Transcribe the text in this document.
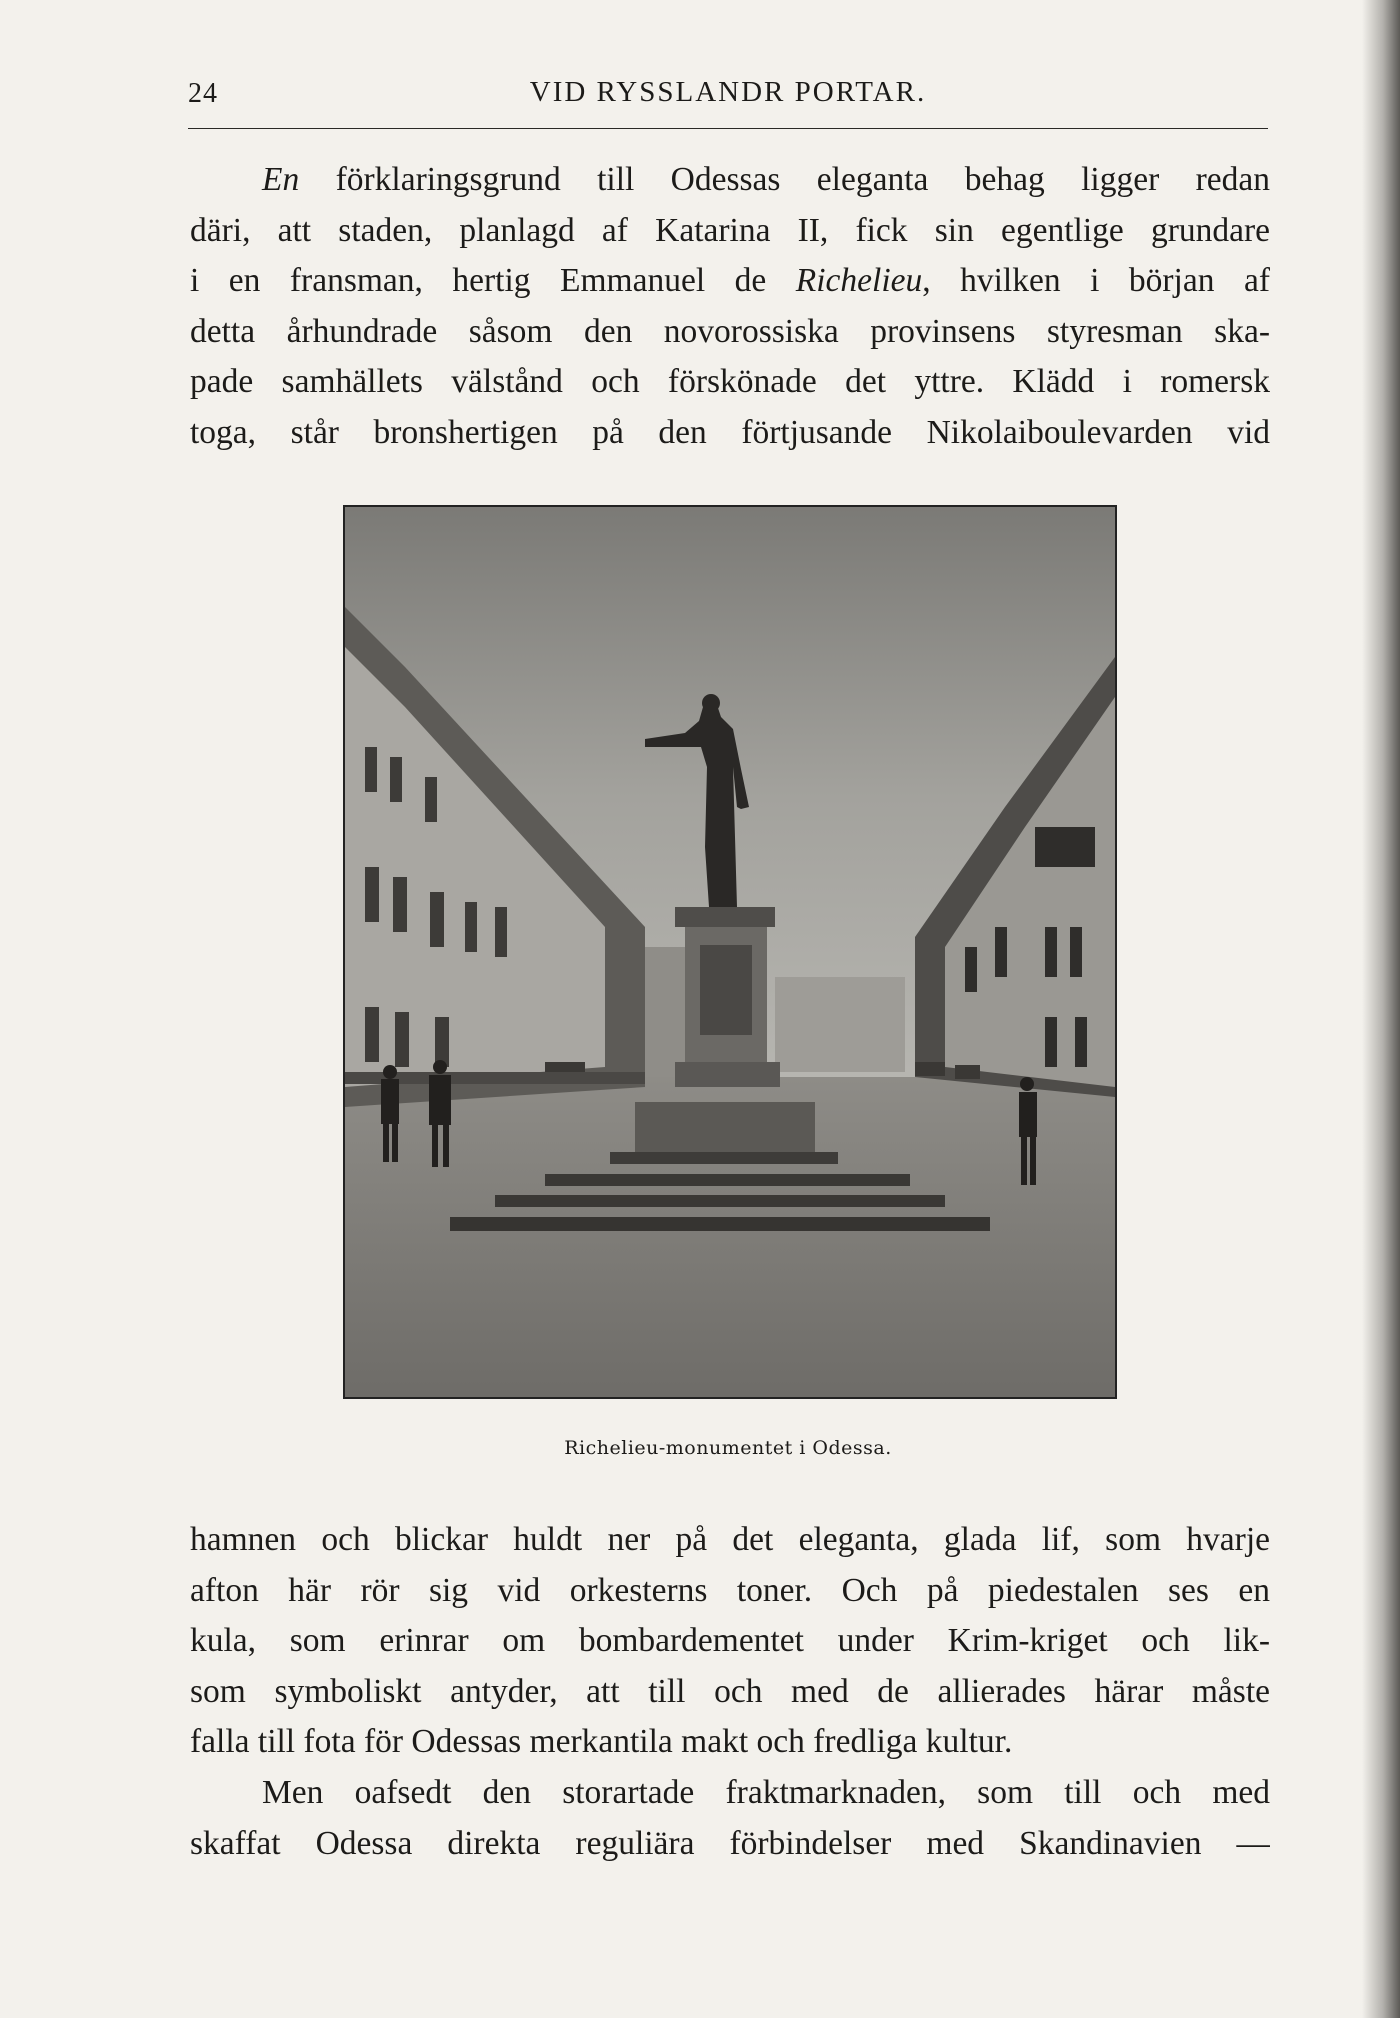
24	VID RYSSLANDR PORTAR.
En förklaringsgrund till Odessas eleganta behag ligger redan
däri, att staden, planlagd af Katarina II, fick sin egentlige grundare
i en fransman, hertig Emmanuel de Richelieu, hvilken i början af
detta århundrade såsom den novorossiska provinsens styresman ska-
pade samhällets välstånd och förskönade det yttre. Klädd i romersk
toga, står bronshertigen på den förtjusande Nikolaiboulevarden vid
Richelieu-monumentet i Odessa.
hamnen och blickar huldt ner på det eleganta, glada lif, som hvarje
afton här rör sig vid orkesterns toner. Och på piedestalen ses en
kula, som erinrar om bombardementet under Krim-kriget och lik-
som symboliskt antyder, att till och med de allierades härar måste
falla till fota för Odessas merkantila makt och fredliga kultur.
Men oafsedt den storartade fraktmarknaden, som till och med
skaffat Odessa direkta reguliära förbindelser med Skandinavien —
